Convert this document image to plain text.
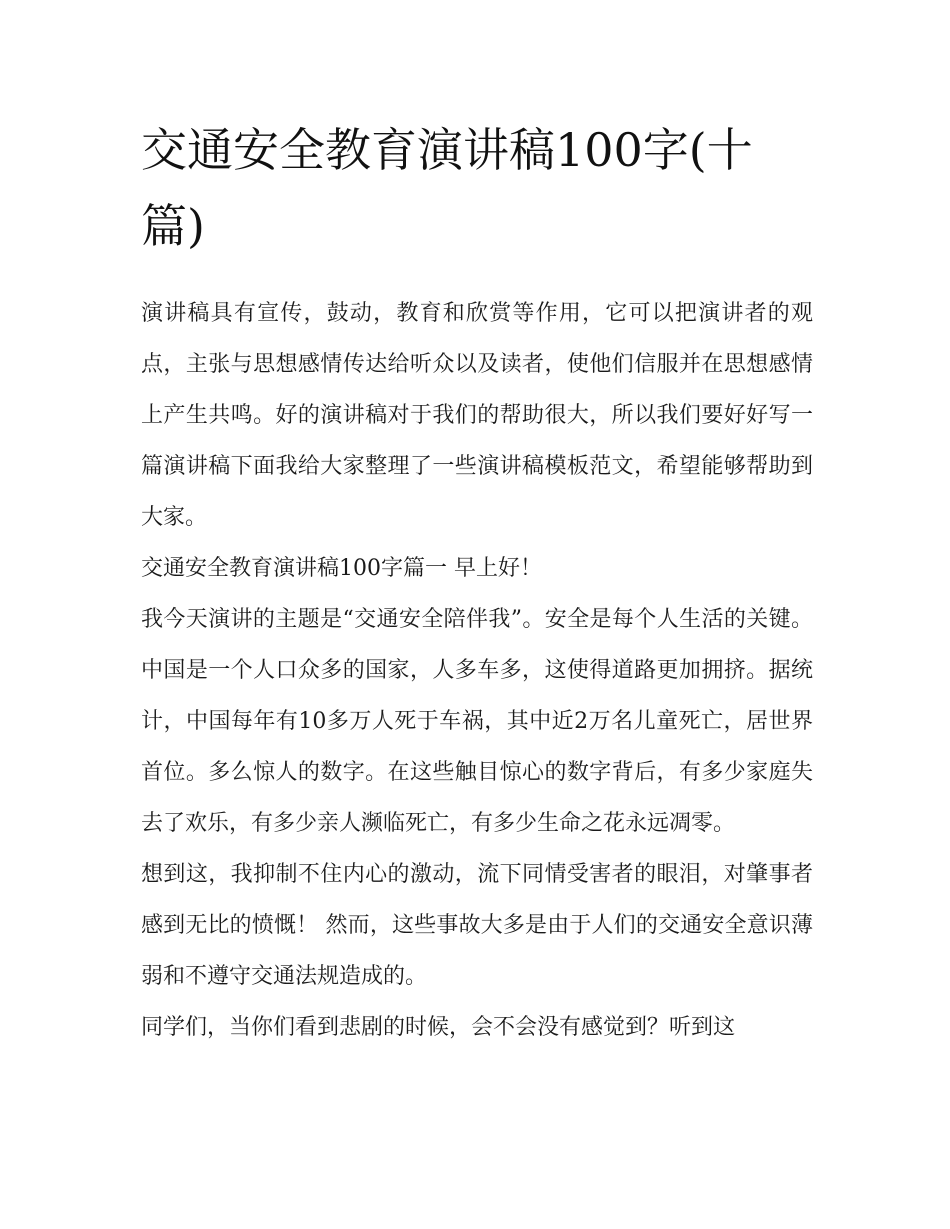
交通安全教育演讲稿100字(十篇)

演讲稿具有宣传，鼓动，教育和欣赏等作用，它可以把演讲者的观点，主张与思想感情传达给听众以及读者，使他们信服并在思想感情上产生共鸣。好的演讲稿对于我们的帮助很大，所以我们要好好写一篇演讲稿下面我给大家整理了一些演讲稿模板范文，希望能够帮助到大家。

交通安全教育演讲稿100字篇一 早上好！

我今天演讲的主题是“交通安全陪伴我”。安全是每个人生活的关键。中国是一个人口众多的国家，人多车多，这使得道路更加拥挤。据统计，中国每年有10多万人死于车祸，其中近2万名儿童死亡，居世界首位。多么惊人的数字。在这些触目惊心的数字背后，有多少家庭失去了欢乐，有多少亲人濒临死亡，有多少生命之花永远凋零。

想到这，我抑制不住内心的激动，流下同情受害者的眼泪，对肇事者感到无比的愤慨！ 然而，这些事故大多是由于人们的交通安全意识薄弱和不遵守交通法规造成的。

同学们，当你们看到悲剧的时候，会不会没有感觉到？听到这
